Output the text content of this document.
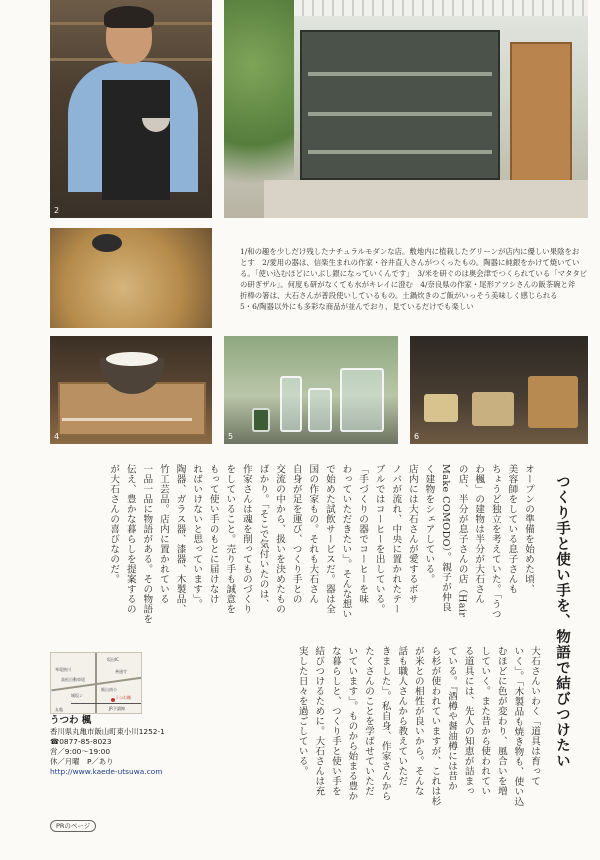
2
4	5	6
1/和の趣を少しだけ残したナチュラルモダンな店。敷地内に植栽したグリーンが店内に優しい果陰をお
とす　2/愛用の器は、信楽生まれの作家・谷井直人さんがつくったもの。陶器に純銀をかけて焼いてい
る。「使い込むほどにいぶし銀になっていくんです」　3/米を研ぐのは奥会津でつくられている「マタタビ
の研ぎザル」。何度も研がなくても水がキレイに澄む　4/奈良県の作家・尾形アツシさんの飯茶碗と斧
折棒の箸は、大石さんが普段使いしているもの。土鍋炊きのご飯がいっそう美味しく感じられる
5・6/陶器以外にも多彩な商品が並んでおり、見ているだけでも楽しい
つくり手と使い手を、物語で結びつけたい
大石さんいわく「道具は育って
いく」。「木製品も焼き物も、使い込
むほどに色が変わり、風合いを増
していく。また昔から使われてい
る道具には、先人の知恵が詰まっ
ている。『酒樽や醤油樽には昔か
ら杉が使われていますが、これは杉
が米との相性が良いから。そんな
話も職人さんから教えていただ
きました」。私自身、作家さんから
たくさんのことを学ばせていただ
いています」。ものから始まる豊か
な暮らしと、つくり手と使い手を
結びつけるために。大石さんは充
実した日々を過ごしている。
オープンの準備を始めた頃、
美容師をしている息子さんも
ちょうど独立を考えていた。「うつ
わ楓」の建物は半分が大石さん
の店、半分が息子さんの店（Hair
Make COMODO）。親子が仲良
く建物をシェアしている。
店内には大石さんが愛するボサ
ノバが流れ、中央に置かれたテー
ブルではコーヒーを出している。
「手づくりの器でコーヒーを味
わっていただきたい」。そんな想い
で始めた試飲サービスだ。器は全
国の作家もの。それも大石さん
自身が足を運び、つくり手との
交流の中から、扱いを決めたもの
ばかり。「そこで気付いたのは、
作家さんは魂を削ってものづくり
をしていること。売り手も誠意を
もって使い手のもとに届けなけ
ればいけないと思っています」。
陶器、ガラス器、漆器、木製品、
竹工芸品。店内に置かれている
一品一品に物語がある。その物語を
伝え、豊かな暮らしを提案するの
が大石さんの喜びなのだ。
坂出IC
善通寺
琴電綾川
高松自動車道
飯山南小
JR予讃線
城坂ン
丸亀
うつわ楓
うつわ 楓
香川県丸亀市飯山町東小川1252-1
☎0877-85-8023
営／9:00〜19:00
休／月曜　P／あり
http://www.kaede-utsuwa.com
PRのページ
